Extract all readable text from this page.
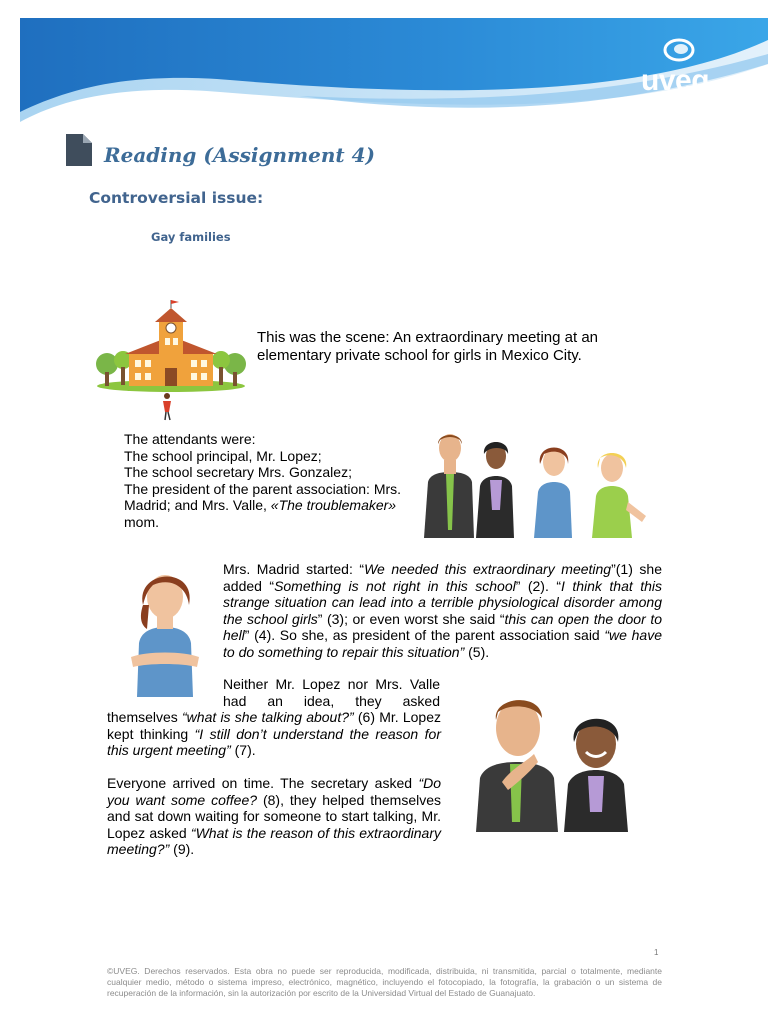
uveg
Universidad Virtual del Estado de Guanajuato
Reading (Assignment 4)
Controversial issue:
Gay families
This was the scene: An extraordinary meeting at an elementary private school for girls in Mexico City.
The attendants were:
The school principal, Mr. Lopez;
The school secretary Mrs. Gonzalez;
The president of the parent association: Mrs. Madrid; and Mrs. Valle, «The troublemaker» mom.
Mrs. Madrid started: “We needed this extraordinary meeting”(1) she added “Something is not right in this school” (2). “I think that this strange situation can lead into a terrible physiological disorder among the school girls” (3); or even worst she said “this can open the door to hell” (4). So she, as president of the parent association said “we have to do something to repair this situation” (5).
Neither Mr. Lopez nor Mrs. Valle had an idea, they asked
themselves “what is she talking about?” (6) Mr. Lopez kept thinking “I still don’t understand the reason for this urgent meeting” (7).
Everyone arrived on time. The secretary asked “Do you want some coffee? (8), they helped themselves and sat down waiting for someone to start talking, Mr. Lopez asked “What is the reason of this extraordinary meeting?” (9).
1
©UVEG. Derechos reservados. Esta obra no puede ser reproducida, modificada, distribuida, ni transmitida, parcial o totalmente, mediante cualquier medio, método o sistema impreso, electrónico, magnético, incluyendo el fotocopiado, la fotografía, la grabación o un sistema de recuperación de la información, sin la autorización por escrito de la Universidad Virtual del Estado de Guanajuato.
